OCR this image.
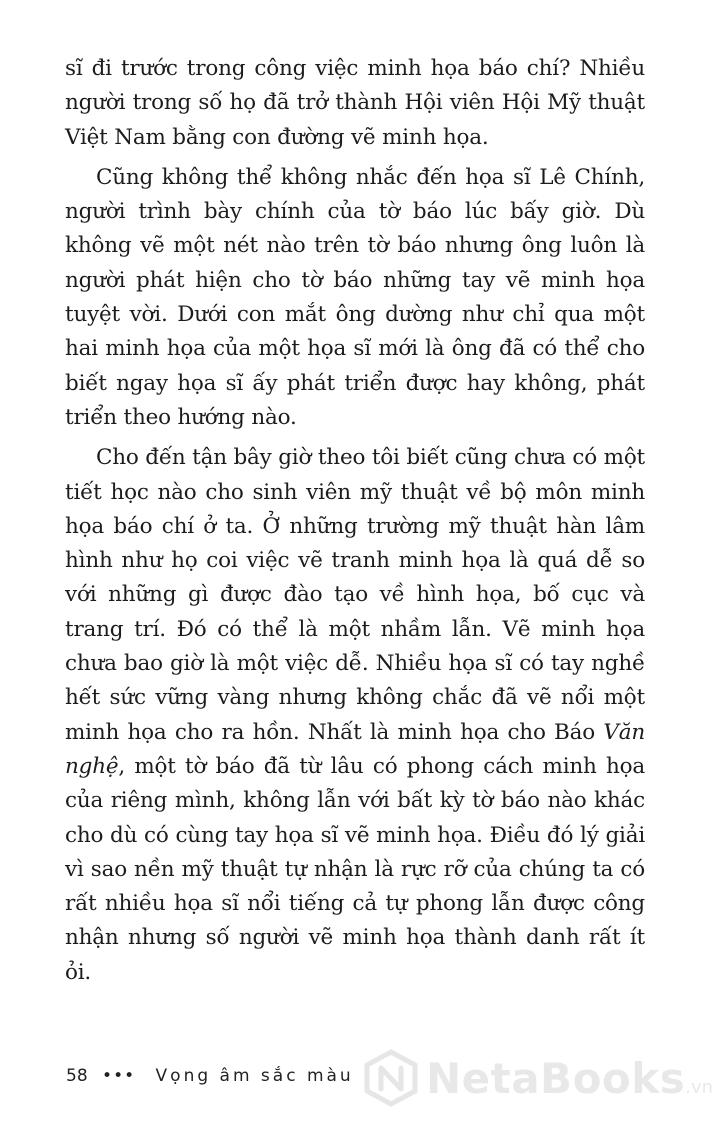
sĩ đi trước trong công việc minh họa báo chí? Nhiều người trong số họ đã trở thành Hội viên Hội Mỹ thuật Việt Nam bằng con đường vẽ minh họa.

Cũng không thể không nhắc đến họa sĩ Lê Chính, người trình bày chính của tờ báo lúc bấy giờ. Dù không vẽ một nét nào trên tờ báo nhưng ông luôn là người phát hiện cho tờ báo những tay vẽ minh họa tuyệt vời. Dưới con mắt ông dường như chỉ qua một hai minh họa của một họa sĩ mới là ông đã có thể cho biết ngay họa sĩ ấy phát triển được hay không, phát triển theo hướng nào.

Cho đến tận bây giờ theo tôi biết cũng chưa có một tiết học nào cho sinh viên mỹ thuật về bộ môn minh họa báo chí ở ta. Ở những trường mỹ thuật hàn lâm hình như họ coi việc vẽ tranh minh họa là quá dễ so với những gì được đào tạo về hình họa, bố cục và trang trí. Đó có thể là một nhầm lẫn. Vẽ minh họa chưa bao giờ là một việc dễ. Nhiều họa sĩ có tay nghề hết sức vững vàng nhưng không chắc đã vẽ nổi một minh họa cho ra hồn. Nhất là minh họa cho Báo Văn nghệ, một tờ báo đã từ lâu có phong cách minh họa của riêng mình, không lẫn với bất kỳ tờ báo nào khác cho dù có cùng tay họa sĩ vẽ minh họa. Điều đó lý giải vì sao nền mỹ thuật tự nhận là rực rỡ của chúng ta có rất nhiều họa sĩ nổi tiếng cả tự phong lẫn được công nhận nhưng số người vẽ minh họa thành danh rất ít ỏi.

58 ••• Vọng âm sắc màu NetaBooks.vn
